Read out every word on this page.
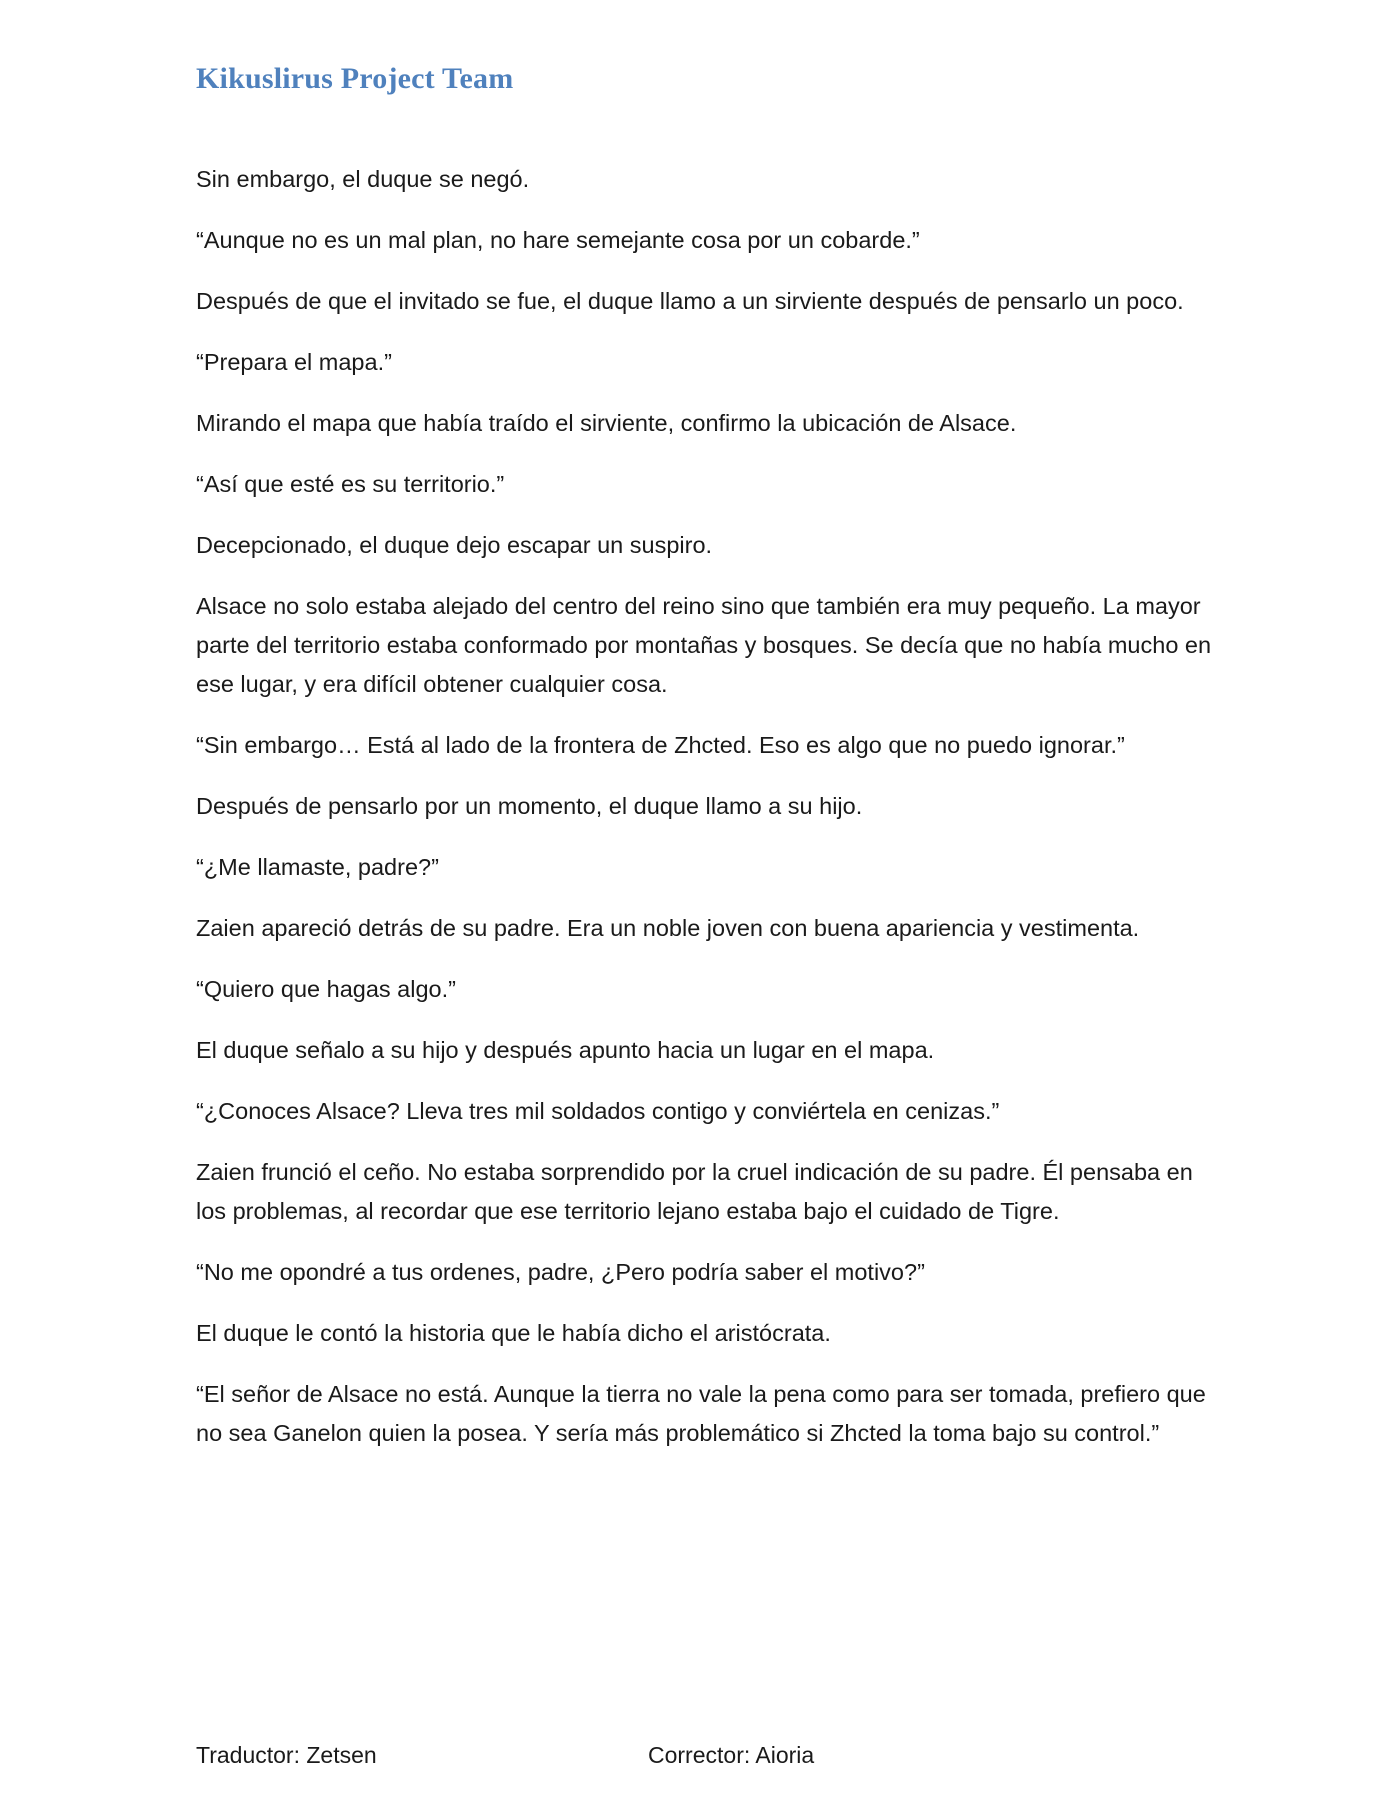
Kikuslirus Project Team

Sin embargo, el duque se negó.

“Aunque no es un mal plan, no hare semejante cosa por un cobarde.”

Después de que el invitado se fue, el duque llamo a un sirviente después de pensarlo un poco.

“Prepara el mapa.”

Mirando el mapa que había traído el sirviente, confirmo la ubicación de Alsace.

“Así que esté es su territorio.”

Decepcionado, el duque dejo escapar un suspiro.

Alsace no solo estaba alejado del centro del reino sino que también era muy pequeño. La mayor parte del territorio estaba conformado por montañas y bosques. Se decía que no había mucho en ese lugar, y era difícil obtener cualquier cosa.

“Sin embargo… Está al lado de la frontera de Zhcted. Eso es algo que no puedo ignorar.”

Después de pensarlo por un momento, el duque llamo a su hijo.

“¿Me llamaste, padre?”

Zaien apareció detrás de su padre. Era un noble joven con buena apariencia y vestimenta.

“Quiero que hagas algo.”

El duque señalo a su hijo y después apunto hacia un lugar en el mapa.

“¿Conoces Alsace? Lleva tres mil soldados contigo y conviértela en cenizas.”

Zaien frunció el ceño. No estaba sorprendido por la cruel indicación de su padre. Él pensaba en los problemas, al recordar que ese territorio lejano estaba bajo el cuidado de Tigre.

“No me opondré a tus ordenes, padre, ¿Pero podría saber el motivo?”

El duque le contó la historia que le había dicho el aristócrata.

“El señor de Alsace no está. Aunque la tierra no vale la pena como para ser tomada, prefiero que no sea Ganelon quien la posea. Y sería más problemático si Zhcted la toma bajo su control.”

Traductor: Zetsen	Corrector: Aioria
